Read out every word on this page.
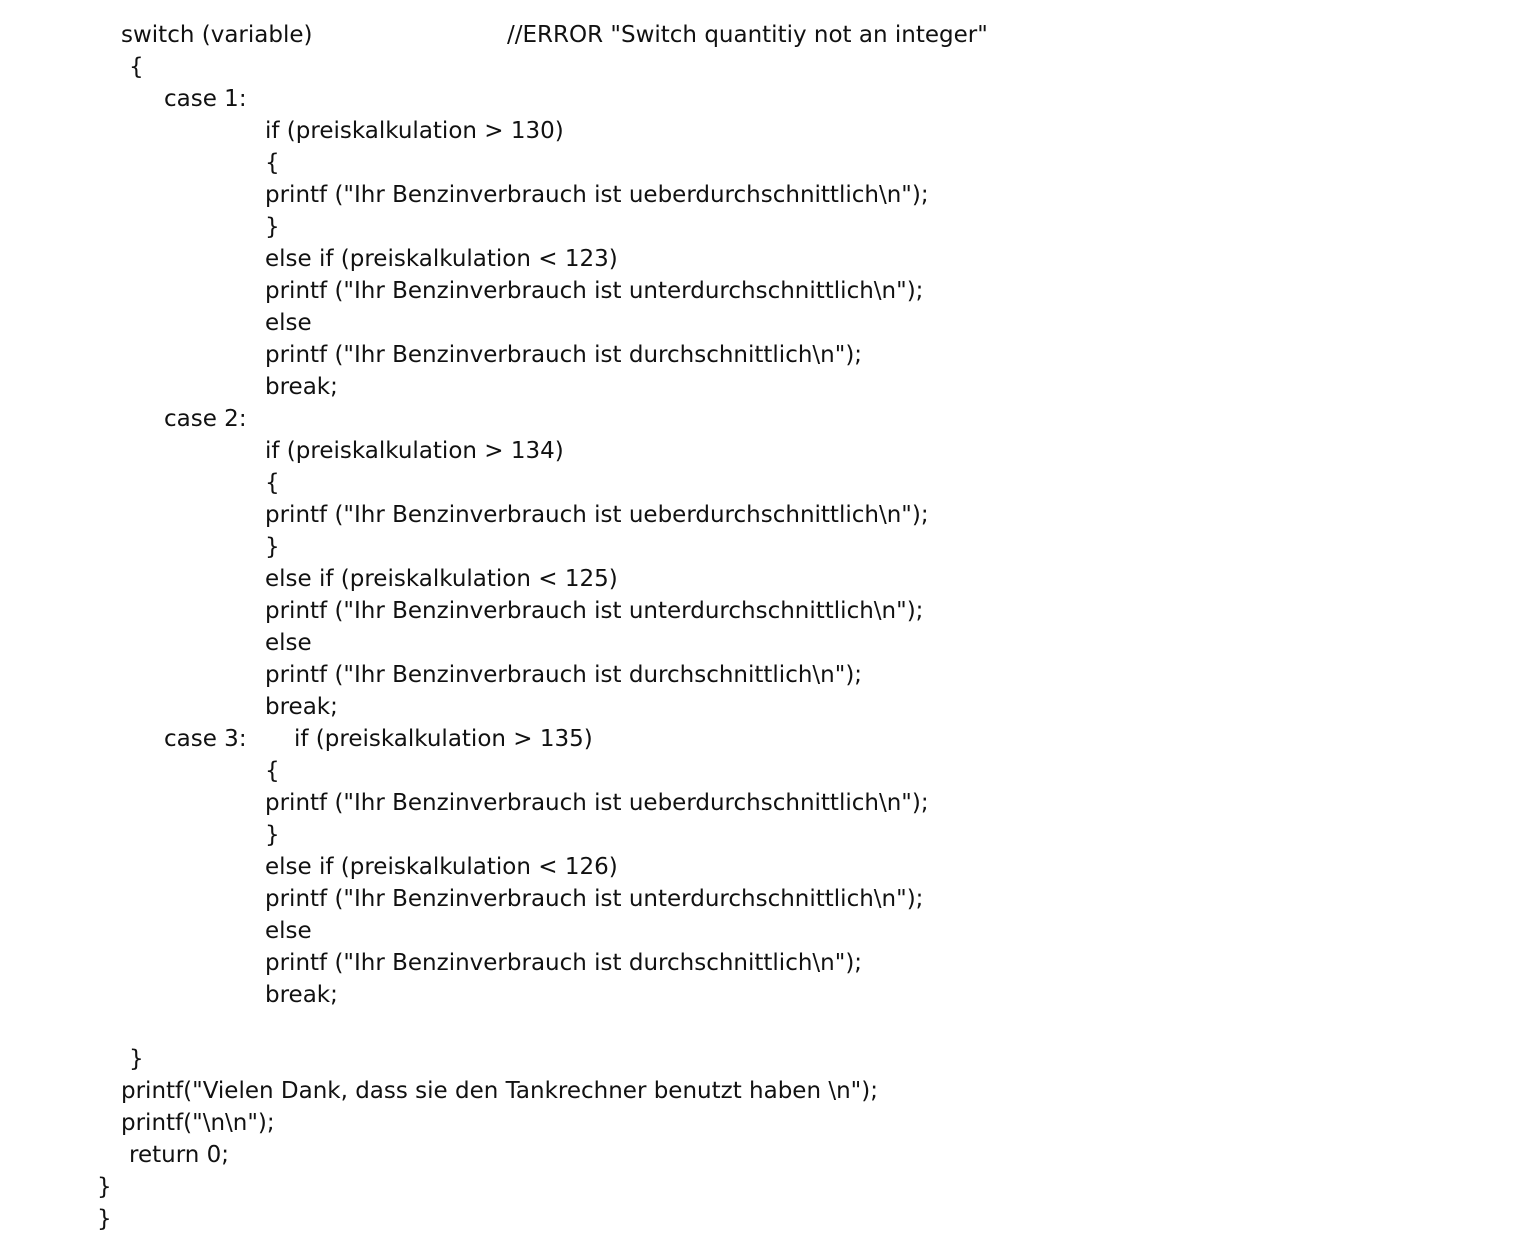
switch (variable)	//ERROR "Switch quantitiy not an integer"
{
case 1:
if (preiskalkulation > 130)
{
printf ("Ihr Benzinverbrauch ist ueberdurchschnittlich\n");
}
else if (preiskalkulation < 123)
printf ("Ihr Benzinverbrauch ist unterdurchschnittlich\n");
else
printf ("Ihr Benzinverbrauch ist durchschnittlich\n");
break;
case 2:
if (preiskalkulation > 134)
{
printf ("Ihr Benzinverbrauch ist ueberdurchschnittlich\n");
}
else if (preiskalkulation < 125)
printf ("Ihr Benzinverbrauch ist unterdurchschnittlich\n");
else
printf ("Ihr Benzinverbrauch ist durchschnittlich\n");
break;
case 3: if (preiskalkulation > 135)
{
printf ("Ihr Benzinverbrauch ist ueberdurchschnittlich\n");
}
else if (preiskalkulation < 126)
printf ("Ihr Benzinverbrauch ist unterdurchschnittlich\n");
else
printf ("Ihr Benzinverbrauch ist durchschnittlich\n");
break;
}
printf("Vielen Dank, dass sie den Tankrechner benutzt haben \n");
printf("\n\n");
return 0;
}
}
